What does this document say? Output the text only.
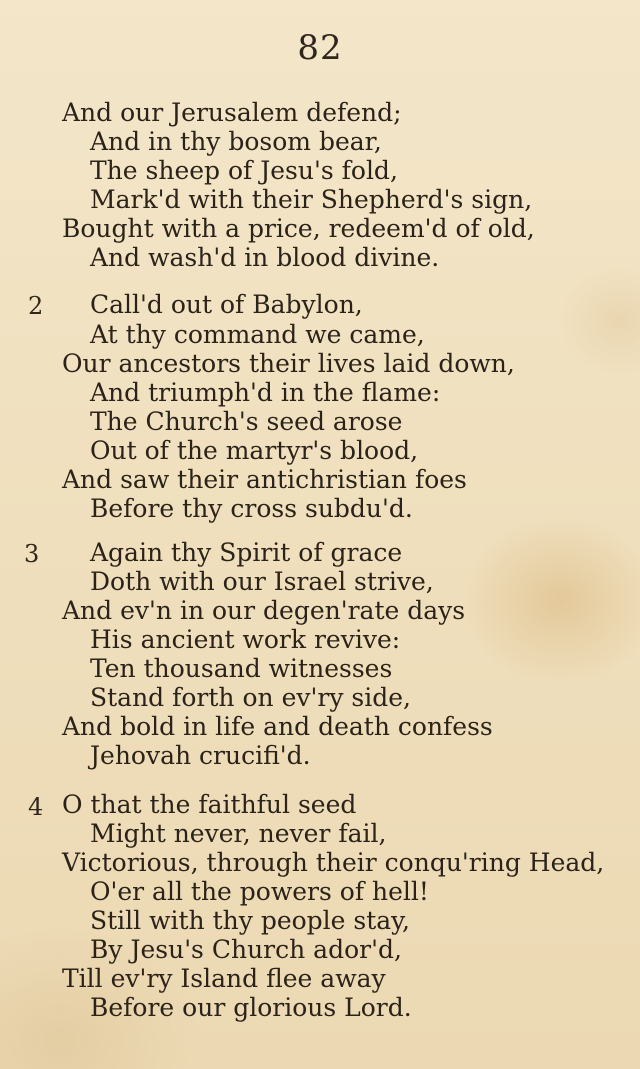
82
And our Jerusalem defend;
And in thy bosom bear,
The sheep of Jesu's fold,
Mark'd with their Shepherd's sign,
Bought with a price, redeem'd of old,
And wash'd in blood divine.
2 Call'd out of Babylon,
At thy command we came,
Our ancestors their lives laid down,
And triumph'd in the flame:
The Church's seed arose
Out of the martyr's blood,
And saw their antichristian foes
Before thy cross subdu'd.
3 Again thy Spirit of grace
Doth with our Israel strive,
And ev'n in our degen'rate days
His ancient work revive:
Ten thousand witnesses
Stand forth on ev'ry side,
And bold in life and death confess
Jehovah crucifi'd.
4 O that the faithful seed
Might never, never fail,
Victorious, through their conqu'ring Head,
O'er all the powers of hell!
Still with thy people stay,
By Jesu's Church ador'd,
Till ev'ry Island flee away
Before our glorious Lord.
